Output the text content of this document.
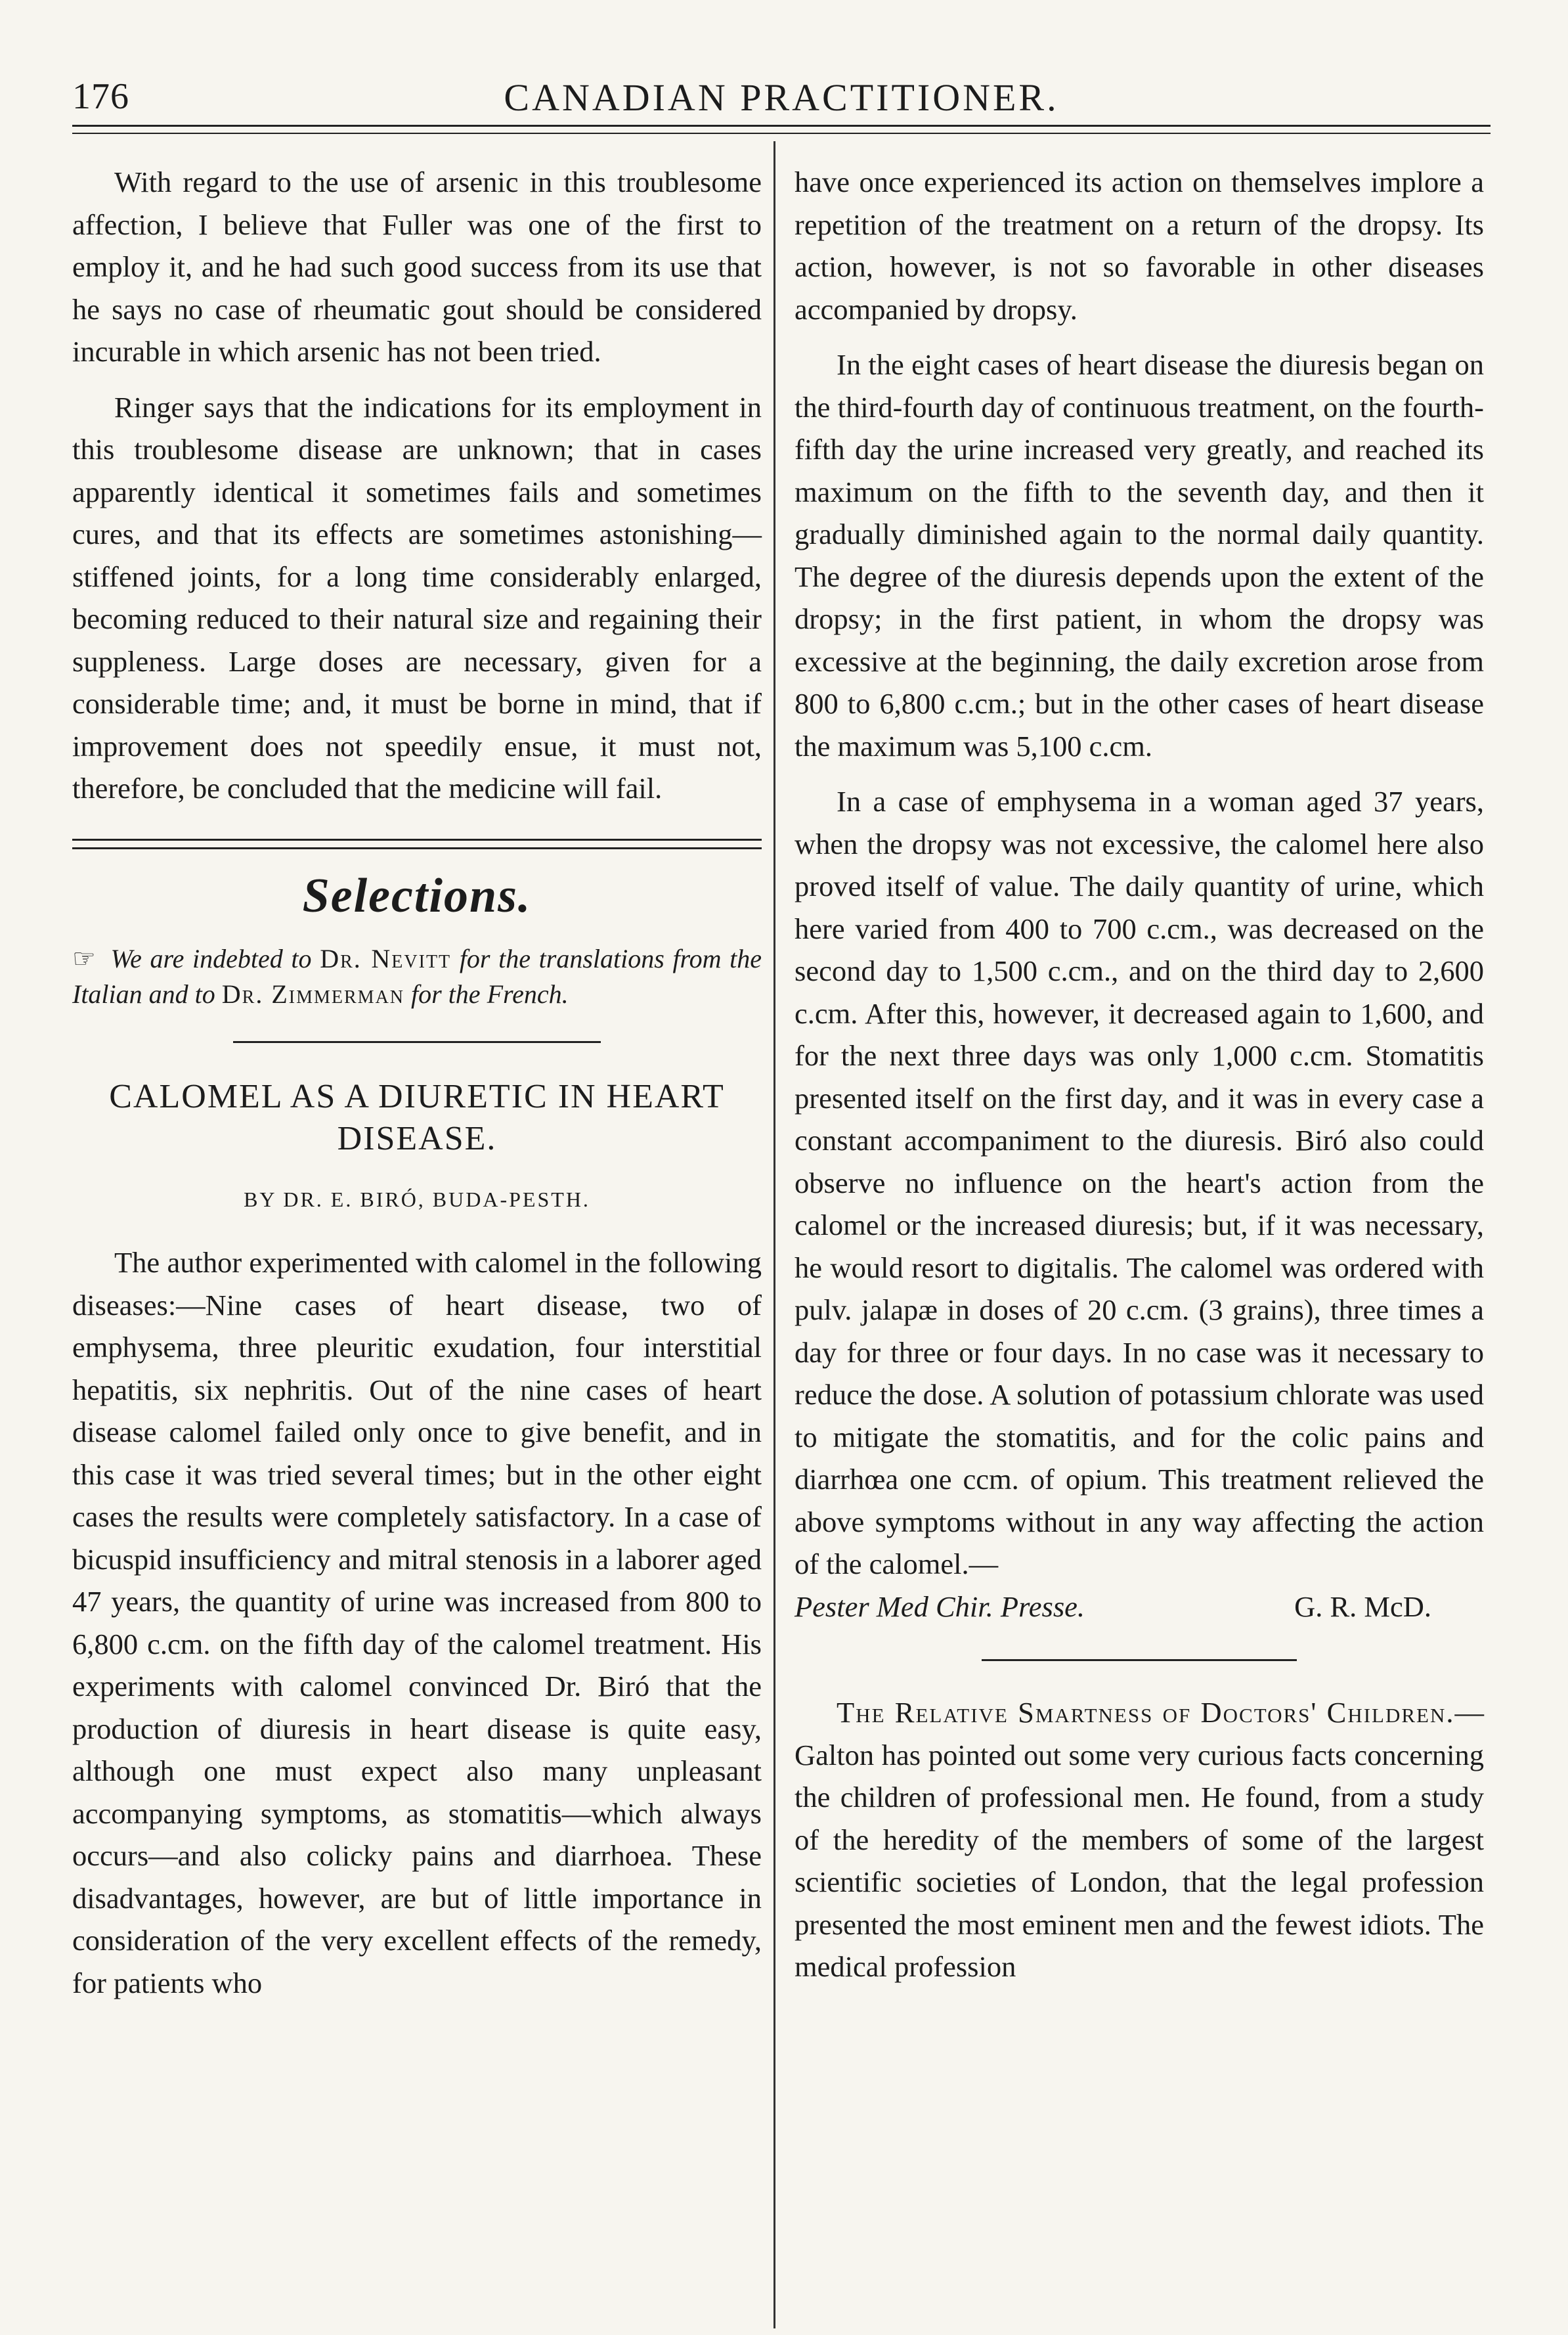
176	CANADIAN PRACTITIONER.

With regard to the use of arsenic in this troublesome affection, I believe that Fuller was one of the first to employ it, and he had such good success from its use that he says no case of rheumatic gout should be considered incurable in which arsenic has not been tried.

Ringer says that the indications for its employment in this troublesome disease are unknown; that in cases apparently identical it sometimes fails and sometimes cures, and that its effects are sometimes astonishing—stiffened joints, for a long time considerably enlarged, becoming reduced to their natural size and regaining their suppleness. Large doses are necessary, given for a considerable time; and, it must be borne in mind, that if improvement does not speedily ensue, it must not, therefore, be concluded that the medicine will fail.

Selections.

☞ We are indebted to Dr. Nevitt for the translations from the Italian and to Dr. Zimmerman for the French.

CALOMEL AS A DIURETIC IN HEART DISEASE.
BY DR. E. BIRÓ, BUDA-PESTH.

The author experimented with calomel in the following diseases:—Nine cases of heart disease, two of emphysema, three pleuritic exudation, four interstitial hepatitis, six nephritis. Out of the nine cases of heart disease calomel failed only once to give benefit, and in this case it was tried several times; but in the other eight cases the results were completely satisfactory. In a case of bicuspid insufficiency and mitral stenosis in a laborer aged 47 years, the quantity of urine was increased from 800 to 6,800 c.cm. on the fifth day of the calomel treatment. His experiments with calomel convinced Dr. Biró that the production of diuresis in heart disease is quite easy, although one must expect also many unpleasant accompanying symptoms, as stomatitis—which always occurs—and also colicky pains and diarrhoea. These disadvantages, however, are but of little importance in consideration of the very excellent effects of the remedy, for patients who

have once experienced its action on themselves implore a repetition of the treatment on a return of the dropsy. Its action, however, is not so favorable in other diseases accompanied by dropsy.

In the eight cases of heart disease the diuresis began on the third-fourth day of continuous treatment, on the fourth-fifth day the urine increased very greatly, and reached its maximum on the fifth to the seventh day, and then it gradually diminished again to the normal daily quantity. The degree of the diuresis depends upon the extent of the dropsy; in the first patient, in whom the dropsy was excessive at the beginning, the daily excretion arose from 800 to 6,800 c.cm.; but in the other cases of heart disease the maximum was 5,100 c.cm.

In a case of emphysema in a woman aged 37 years, when the dropsy was not excessive, the calomel here also proved itself of value. The daily quantity of urine, which here varied from 400 to 700 c.cm., was decreased on the second day to 1,500 c.cm., and on the third day to 2,600 c.cm. After this, however, it decreased again to 1,600, and for the next three days was only 1,000 c.cm. Stomatitis presented itself on the first day, and it was in every case a constant accompaniment to the diuresis. Biró also could observe no influence on the heart's action from the calomel or the increased diuresis; but, if it was necessary, he would resort to digitalis. The calomel was ordered with pulv. jalapæ in doses of 20 c.cm. (3 grains), three times a day for three or four days. In no case was it necessary to reduce the dose. A solution of potassium chlorate was used to mitigate the stomatitis, and for the colic pains and diarrhœa one ccm. of opium. This treatment relieved the above symptoms without in any way affecting the action of the calomel.—

Pester Med Chir. Presse.	G. R. McD.

The Relative Smartness of Doctors' Children.—Galton has pointed out some very curious facts concerning the children of professional men. He found, from a study of the heredity of the members of some of the largest scientific societies of London, that the legal profession presented the most eminent men and the fewest idiots. The medical profession
